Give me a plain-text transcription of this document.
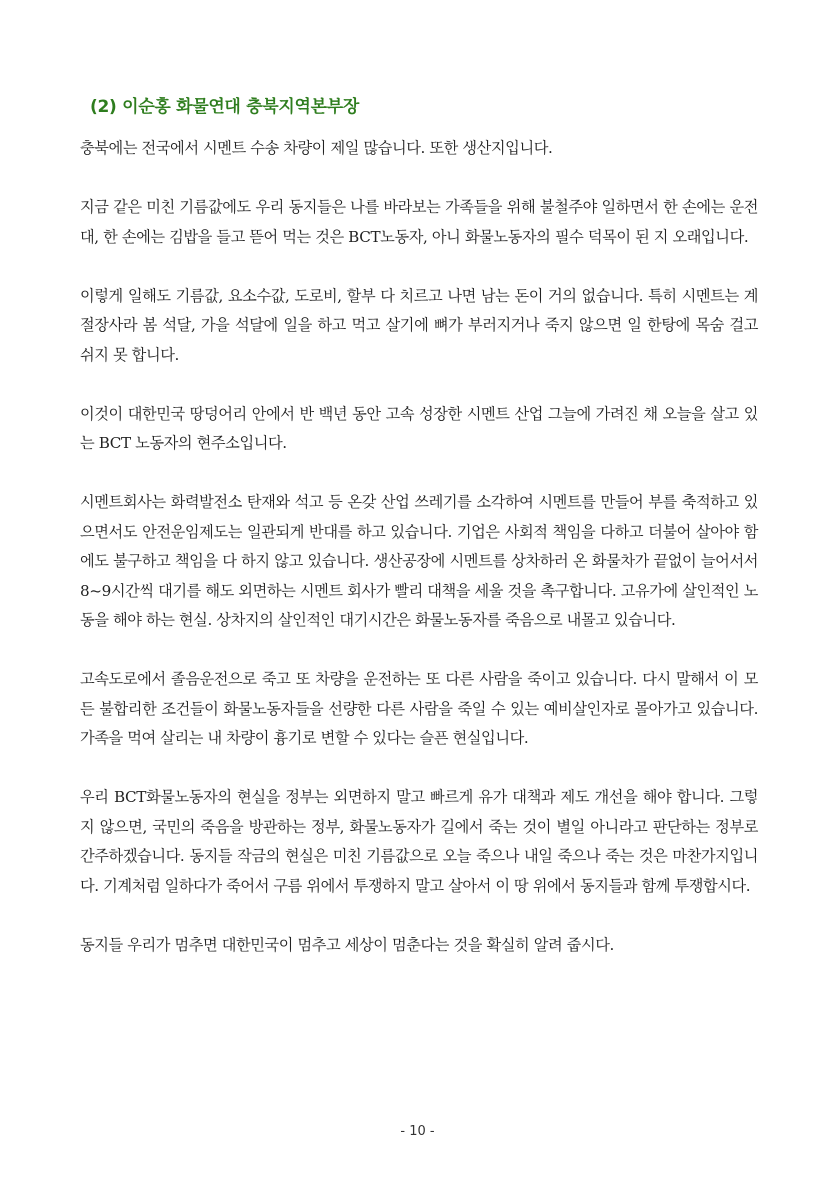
(2) 이순홍 화물연대 충북지역본부장

충북에는 전국에서 시멘트 수송 차량이 제일 많습니다. 또한 생산지입니다.

지금 같은 미친 기름값에도 우리 동지들은 나를 바라보는 가족들을 위해 불철주야 일하면서 한 손에는 운전대, 한 손에는 김밥을 들고 뜯어 먹는 것은 BCT노동자, 아니 화물노동자의 필수 덕목이 된 지 오래입니다.

이렇게 일해도 기름값, 요소수값, 도로비, 할부 다 치르고 나면 남는 돈이 거의 없습니다. 특히 시멘트는 계절장사라 봄 석달, 가을 석달에 일을 하고 먹고 살기에 뼈가 부러지거나 죽지 않으면 일 한탕에 목숨 걸고 쉬지 못 합니다.

이것이 대한민국 땅덩어리 안에서 반 백년 동안 고속 성장한 시멘트 산업 그늘에 가려진 채 오늘을 살고 있는 BCT 노동자의 현주소입니다.

시멘트회사는 화력발전소 탄재와 석고 등 온갖 산업 쓰레기를 소각하여 시멘트를 만들어 부를 축적하고 있으면서도 안전운임제도는 일관되게 반대를 하고 있습니다. 기업은 사회적 책임을 다하고 더불어 살아야 함에도 불구하고 책임을 다 하지 않고 있습니다. 생산공장에 시멘트를 상차하러 온 화물차가 끝없이 늘어서서 8~9시간씩 대기를 해도 외면하는 시멘트 회사가 빨리 대책을 세울 것을 촉구합니다. 고유가에 살인적인 노동을 해야 하는 현실. 상차지의 살인적인 대기시간은 화물노동자를 죽음으로 내몰고 있습니다.

고속도로에서 졸음운전으로 죽고 또 차량을 운전하는 또 다른 사람을 죽이고 있습니다. 다시 말해서 이 모든 불합리한 조건들이 화물노동자들을 선량한 다른 사람을 죽일 수 있는 예비살인자로 몰아가고 있습니다. 가족을 먹여 살리는 내 차량이 흉기로 변할 수 있다는 슬픈 현실입니다.

우리 BCT화물노동자의 현실을 정부는 외면하지 말고 빠르게 유가 대책과 제도 개선을 해야 합니다. 그렇지 않으면, 국민의 죽음을 방관하는 정부, 화물노동자가 길에서 죽는 것이 별일 아니라고 판단하는 정부로 간주하겠습니다. 동지들 작금의 현실은 미친 기름값으로 오늘 죽으나 내일 죽으나 죽는 것은 마찬가지입니다. 기계처럼 일하다가 죽어서 구름 위에서 투쟁하지 말고 살아서 이 땅 위에서 동지들과 함께 투쟁합시다.

동지들 우리가 멈추면 대한민국이 멈추고 세상이 멈춘다는 것을 확실히 알려 줍시다.

- 10 -
